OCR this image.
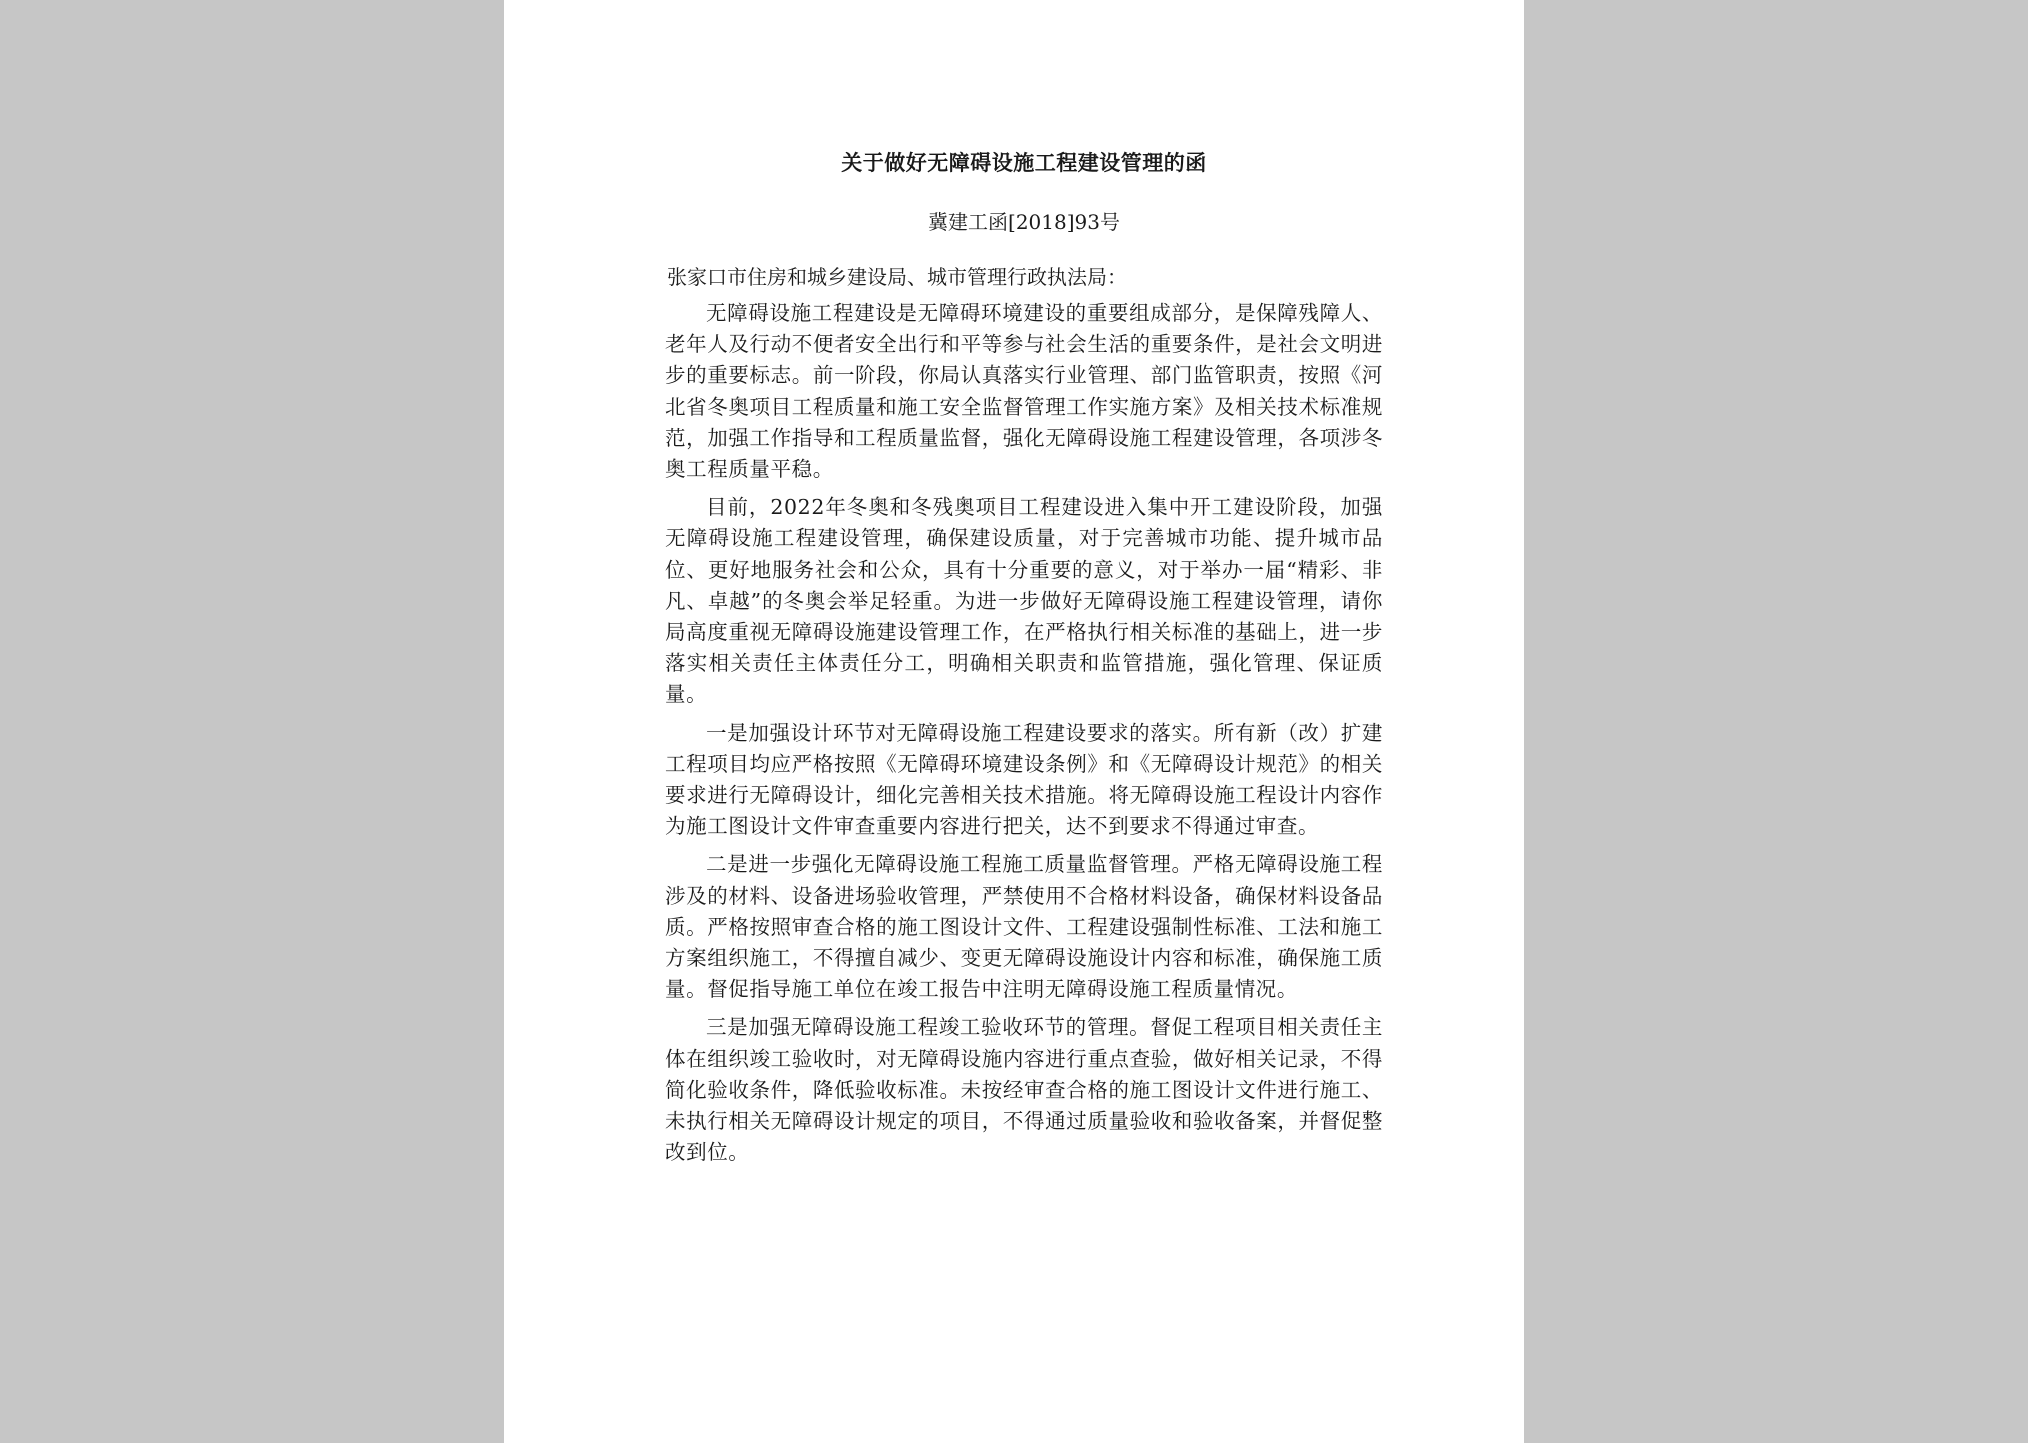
关于做好无障碍设施工程建设管理的函
冀建工函[2018]93号
张家口市住房和城乡建设局、城市管理行政执法局：

无障碍设施工程建设是无障碍环境建设的重要组成部分，是保障残障人、老年人及行动不便者安全出行和平等参与社会生活的重要条件，是社会文明进步的重要标志。前一阶段，你局认真落实行业管理、部门监管职责，按照《河北省冬奥项目工程质量和施工安全监督管理工作实施方案》及相关技术标准规范，加强工作指导和工程质量监督，强化无障碍设施工程建设管理，各项涉冬奥工程质量平稳。

目前，2022年冬奥和冬残奥项目工程建设进入集中开工建设阶段，加强无障碍设施工程建设管理，确保建设质量，对于完善城市功能、提升城市品位、更好地服务社会和公众，具有十分重要的意义，对于举办一届“精彩、非凡、卓越”的冬奥会举足轻重。为进一步做好无障碍设施工程建设管理，请你局高度重视无障碍设施建设管理工作，在严格执行相关标准的基础上，进一步落实相关责任主体责任分工，明确相关职责和监管措施，强化管理、保证质量。

一是加强设计环节对无障碍设施工程建设要求的落实。所有新（改）扩建工程项目均应严格按照《无障碍环境建设条例》和《无障碍设计规范》的相关要求进行无障碍设计，细化完善相关技术措施。将无障碍设施工程设计内容作为施工图设计文件审查重要内容进行把关，达不到要求不得通过审查。

二是进一步强化无障碍设施工程施工质量监督管理。严格无障碍设施工程涉及的材料、设备进场验收管理，严禁使用不合格材料设备，确保材料设备品质。严格按照审查合格的施工图设计文件、工程建设强制性标准、工法和施工方案组织施工，不得擅自减少、变更无障碍设施设计内容和标准，确保施工质量。督促指导施工单位在竣工报告中注明无障碍设施工程质量情况。

三是加强无障碍设施工程竣工验收环节的管理。督促工程项目相关责任主体在组织竣工验收时，对无障碍设施内容进行重点查验，做好相关记录，不得简化验收条件，降低验收标准。未按经审查合格的施工图设计文件进行施工、未执行相关无障碍设计规定的项目，不得通过质量验收和验收备案，并督促整改到位。
